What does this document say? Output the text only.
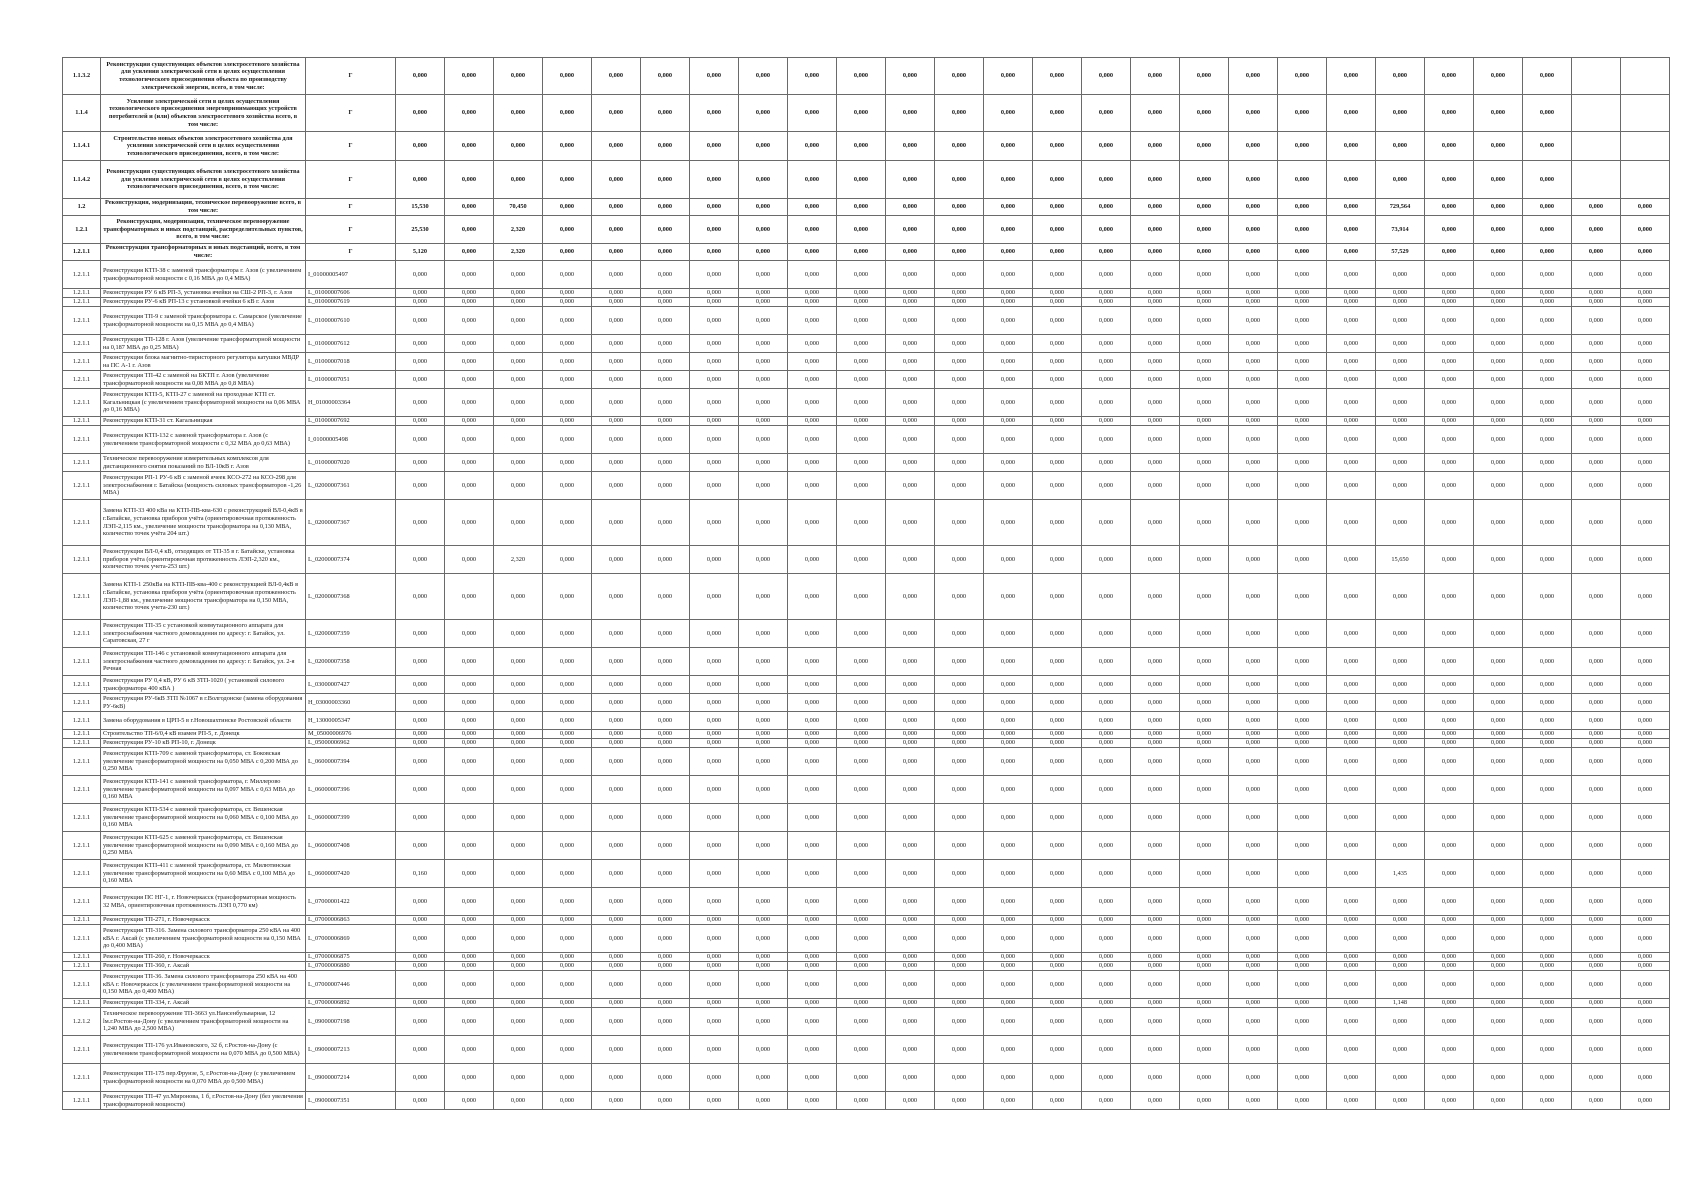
1.1.3.2	Реконструкция существующих объектов электросетевого хозяйства для усиления электрической сети в целях осуществления технологического присоединения объекта по производству электрической энергии, всего, в том числе:	Г	0,000	0,000	0,000	0,000	0,000	0,000	0,000	0,000	0,000	0,000	0,000	0,000	0,000	0,000	0,000	0,000	0,000	0,000	0,000	0,000	0,000	0,000	0,000	0,000		
1.1.4	Усиление электрической сети в целях осуществления технологического присоединения энергопринимающих устройств потребителей и (или) объектов электросетевого хозяйства всего, в том числе:	Г	0,000	0,000	0,000	0,000	0,000	0,000	0,000	0,000	0,000	0,000	0,000	0,000	0,000	0,000	0,000	0,000	0,000	0,000	0,000	0,000	0,000	0,000	0,000	0,000		
1.1.4.1	Строительство новых объектов электросетевого хозяйства для усиления электрической сети в целях осуществления технологического присоединения, всего, в том числе:	Г	0,000	0,000	0,000	0,000	0,000	0,000	0,000	0,000	0,000	0,000	0,000	0,000	0,000	0,000	0,000	0,000	0,000	0,000	0,000	0,000	0,000	0,000	0,000	0,000		
1.1.4.2	Реконструкция существующих объектов электросетевого хозяйства для усиления электрической сети в целях осуществления технологического присоединения, всего, в том числе:	Г	0,000	0,000	0,000	0,000	0,000	0,000	0,000	0,000	0,000	0,000	0,000	0,000	0,000	0,000	0,000	0,000	0,000	0,000	0,000	0,000	0,000	0,000	0,000	0,000		
1.2	Реконструкция, модернизация, техническое перевооружение всего, в том числе:	Г	15,530	0,000	70,450	0,000	0,000	0,000	0,000	0,000	0,000	0,000	0,000	0,000	0,000	0,000	0,000	0,000	0,000	0,000	0,000	0,000	729,564	0,000	0,000	0,000	0,000	0,000
1.2.1	Реконструкция, модернизация, техническое перевооружение трансформаторных и иных подстанций, распределительных пунктов, всего, в том числе:	Г	25,530	0,000	2,320	0,000	0,000	0,000	0,000	0,000	0,000	0,000	0,000	0,000	0,000	0,000	0,000	0,000	0,000	0,000	0,000	0,000	73,914	0,000	0,000	0,000	0,000	0,000
1.2.1.1	Реконструкция трансформаторных и иных подстанций, всего, в том числе:	Г	5,120	0,000	2,320	0,000	0,000	0,000	0,000	0,000	0,000	0,000	0,000	0,000	0,000	0,000	0,000	0,000	0,000	0,000	0,000	0,000	57,529	0,000	0,000	0,000	0,000	0,000
1.2.1.1	Реконструкция КТП-38 с заменой трансформатора г. Азов (с увеличением трансформаторной мощности с 0,16 МВА до 0,4 МВА)	I_01000005497	0,000	0,000	0,000	0,000	0,000	0,000	0,000	0,000	0,000	0,000	0,000	0,000	0,000	0,000	0,000	0,000	0,000	0,000	0,000	0,000	0,000	0,000	0,000	0,000	0,000	0,000
1.2.1.1	Реконструкция РУ 6 кВ РП-3, установка ячейки на СШ-2 РП-3, г. Азов	L_01000007606	0,000	0,000	0,000	0,000	0,000	0,000	0,000	0,000	0,000	0,000	0,000	0,000	0,000	0,000	0,000	0,000	0,000	0,000	0,000	0,000	0,000	0,000	0,000	0,000	0,000	0,000
1.2.1.1	Реконструкция РУ-6 кВ РП-13 с установкой ячейки 6 кВ г. Азов	L_01000007619	0,000	0,000	0,000	0,000	0,000	0,000	0,000	0,000	0,000	0,000	0,000	0,000	0,000	0,000	0,000	0,000	0,000	0,000	0,000	0,000	0,000	0,000	0,000	0,000	0,000	0,000
1.2.1.1	Реконструкция ТП-9 с заменой трансформатора с. Самарское (увеличение трансформаторной мощности на 0,15 МВА до 0,4 МВА)	L_01000007610	0,000	0,000	0,000	0,000	0,000	0,000	0,000	0,000	0,000	0,000	0,000	0,000	0,000	0,000	0,000	0,000	0,000	0,000	0,000	0,000	0,000	0,000	0,000	0,000	0,000	0,000
1.2.1.1	Реконструкция ТП-128 г. Азов (увеличение трансформаторной мощности на 0,187 МВА до 0,25 МВА)	L_01000007612	0,000	0,000	0,000	0,000	0,000	0,000	0,000	0,000	0,000	0,000	0,000	0,000	0,000	0,000	0,000	0,000	0,000	0,000	0,000	0,000	0,000	0,000	0,000	0,000	0,000	0,000
1.2.1.1	Реконструкция блока магнитно-тиристорного регулятора катушки МВДР на ПС А-1 г. Азов	L_01000007018	0,000	0,000	0,000	0,000	0,000	0,000	0,000	0,000	0,000	0,000	0,000	0,000	0,000	0,000	0,000	0,000	0,000	0,000	0,000	0,000	0,000	0,000	0,000	0,000	0,000	0,000
1.2.1.1	Реконструкция ТП-42 с заменой на БКТП г. Азов (увеличение трансформаторной мощности на 0,08 МВА до 0,8 МВА)	L_01000007051	0,000	0,000	0,000	0,000	0,000	0,000	0,000	0,000	0,000	0,000	0,000	0,000	0,000	0,000	0,000	0,000	0,000	0,000	0,000	0,000	0,000	0,000	0,000	0,000	0,000	0,000
1.2.1.1	Реконструкция КТП-5, КТП-27 с заменой на проходные КТП ст. Кагальницкая (с увеличением трансформаторной мощности на 0,06 МВА до 0,16 МВА)	H_01000003364	0,000	0,000	0,000	0,000	0,000	0,000	0,000	0,000	0,000	0,000	0,000	0,000	0,000	0,000	0,000	0,000	0,000	0,000	0,000	0,000	0,000	0,000	0,000	0,000	0,000	0,000
1.2.1.1	Реконструкция КТП-31 ст. Кагальницкая	L_01000007692	0,000	0,000	0,000	0,000	0,000	0,000	0,000	0,000	0,000	0,000	0,000	0,000	0,000	0,000	0,000	0,000	0,000	0,000	0,000	0,000	0,000	0,000	0,000	0,000	0,000	0,000
1.2.1.1	Реконструкция КТП-132 с заменой трансформатора г. Азов (с увеличением трансформаторной мощности с 0,32 МВА до 0,63 МВА)	I_01000005498	0,000	0,000	0,000	0,000	0,000	0,000	0,000	0,000	0,000	0,000	0,000	0,000	0,000	0,000	0,000	0,000	0,000	0,000	0,000	0,000	0,000	0,000	0,000	0,000	0,000	0,000
1.2.1.1	Техническое перевооружение измерительных комплексов для дистанционного снятия показаний по ВЛ-10кВ г. Азов	L_01000007020	0,000	0,000	0,000	0,000	0,000	0,000	0,000	0,000	0,000	0,000	0,000	0,000	0,000	0,000	0,000	0,000	0,000	0,000	0,000	0,000	0,000	0,000	0,000	0,000	0,000	0,000
1.2.1.1	Реконструкция РП-1 РУ-6 кВ с заменой ячеек КСО-272 на КСО-298 для электроснабжения г. Батайска (мощность силовых трансформаторов -1,26 МВА)	L_02000007361	0,000	0,000	0,000	0,000	0,000	0,000	0,000	0,000	0,000	0,000	0,000	0,000	0,000	0,000	0,000	0,000	0,000	0,000	0,000	0,000	0,000	0,000	0,000	0,000	0,000	0,000
1.2.1.1	Замена КТП-33 400 кВа на КТП-ПВ-ква-630 с реконструкцией ВЛ-0,4кВ в г.Батайске, установка приборов учёта (ориентировочная протяженность ЛЭП-2,115 км., увеличение мощности трансформатора на 0,130 МВА, количество точек учёта 204 шт.)	L_02000007367	0,000	0,000	0,000	0,000	0,000	0,000	0,000	0,000	0,000	0,000	0,000	0,000	0,000	0,000	0,000	0,000	0,000	0,000	0,000	0,000	0,000	0,000	0,000	0,000	0,000	0,000
1.2.1.1	Реконструкция ВЛ-0,4 кВ, отходящих от ТП-35 в г. Батайске, установка приборов учёта (ориентировочная протяженность ЛЭП-2,320 км., количество точек учета-253 шт.)	L_02000007374	0,000	0,000	2,320	0,000	0,000	0,000	0,000	0,000	0,000	0,000	0,000	0,000	0,000	0,000	0,000	0,000	0,000	0,000	0,000	0,000	15,650	0,000	0,000	0,000	0,000	0,000
1.2.1.1	Замена КТП-1 250кВа на КТП-ПВ-ква-400 с реконструкцией ВЛ-0,4кВ в г.Батайске, установка приборов учёта (ориентировочная протяженность ЛЭП-1,88 км., увеличение мощности трансформатора на 0,150 МВА, количество точек учета-230 шт.)	L_02000007368	0,000	0,000	0,000	0,000	0,000	0,000	0,000	0,000	0,000	0,000	0,000	0,000	0,000	0,000	0,000	0,000	0,000	0,000	0,000	0,000	0,000	0,000	0,000	0,000	0,000	0,000
1.2.1.1	Реконструкция ТП-35 с установкой коммутационного аппарата для электроснабжения частного домовладения по адресу: г. Батайск, ул. Саратовская, 27 г	L_02000007359	0,000	0,000	0,000	0,000	0,000	0,000	0,000	0,000	0,000	0,000	0,000	0,000	0,000	0,000	0,000	0,000	0,000	0,000	0,000	0,000	0,000	0,000	0,000	0,000	0,000	0,000
1.2.1.1	Реконструкция ТП-146 с установкой коммутационного аппарата для электроснабжения частного домовладения по адресу: г. Батайск, ул. 2-я Речная	L_02000007358	0,000	0,000	0,000	0,000	0,000	0,000	0,000	0,000	0,000	0,000	0,000	0,000	0,000	0,000	0,000	0,000	0,000	0,000	0,000	0,000	0,000	0,000	0,000	0,000	0,000	0,000
1.2.1.1	Реконструкция РУ 0,4 кВ, РУ 6 кВ ЗТП-1020 ( установкой силового трансформатора 400 кВА )	L_03000007427	0,000	0,000	0,000	0,000	0,000	0,000	0,000	0,000	0,000	0,000	0,000	0,000	0,000	0,000	0,000	0,000	0,000	0,000	0,000	0,000	0,000	0,000	0,000	0,000	0,000	0,000
1.2.1.1	Реконструкция РУ-6кВ ЗТП №1067 в г.Волгодонске (замена оборудования РУ-6кВ)	H_03000003360	0,000	0,000	0,000	0,000	0,000	0,000	0,000	0,000	0,000	0,000	0,000	0,000	0,000	0,000	0,000	0,000	0,000	0,000	0,000	0,000	0,000	0,000	0,000	0,000	0,000	0,000
1.2.1.1	Замена оборудования в ЦРП-5 в г.Новошахтинске Ростовской области	H_13000005347	0,000	0,000	0,000	0,000	0,000	0,000	0,000	0,000	0,000	0,000	0,000	0,000	0,000	0,000	0,000	0,000	0,000	0,000	0,000	0,000	0,000	0,000	0,000	0,000	0,000	0,000
1.2.1.1	Строительство ТП-6/0,4 кВ взамен РП-5, г. Донецк	M_05000006976	0,000	0,000	0,000	0,000	0,000	0,000	0,000	0,000	0,000	0,000	0,000	0,000	0,000	0,000	0,000	0,000	0,000	0,000	0,000	0,000	0,000	0,000	0,000	0,000	0,000	0,000
1.2.1.1	Реконструкция РУ-10 кВ РП-10, г. Донецк	L_05000006962	0,000	0,000	0,000	0,000	0,000	0,000	0,000	0,000	0,000	0,000	0,000	0,000	0,000	0,000	0,000	0,000	0,000	0,000	0,000	0,000	0,000	0,000	0,000	0,000	0,000	0,000
1.2.1.1	Реконструкция КТП-709 с заменой трансформатора, ст. Боковская увеличение трансформаторной мощности на 0,050 МВА с 0,200 МВА до 0,250 МВА	L_06000007394	0,000	0,000	0,000	0,000	0,000	0,000	0,000	0,000	0,000	0,000	0,000	0,000	0,000	0,000	0,000	0,000	0,000	0,000	0,000	0,000	0,000	0,000	0,000	0,000	0,000	0,000
1.2.1.1	Реконструкция КТП-141 с заменой трансформатора, г. Миллерово увеличение трансформаторной мощности на 0,097 МВА с 0,63 МВА до 0,160 МВА	L_06000007396	0,000	0,000	0,000	0,000	0,000	0,000	0,000	0,000	0,000	0,000	0,000	0,000	0,000	0,000	0,000	0,000	0,000	0,000	0,000	0,000	0,000	0,000	0,000	0,000	0,000	0,000
1.2.1.1	Реконструкция КТП-534 с заменой трансформатора, ст. Вешенская увеличение трансформаторной мощности на 0,060 МВА с 0,100 МВА до 0,160 МВА	L_06000007399	0,000	0,000	0,000	0,000	0,000	0,000	0,000	0,000	0,000	0,000	0,000	0,000	0,000	0,000	0,000	0,000	0,000	0,000	0,000	0,000	0,000	0,000	0,000	0,000	0,000	0,000
1.2.1.1	Реконструкция КТП-625 с заменой трансформатора, ст. Вешенская увеличение трансформаторной мощности на 0,090 МВА с 0,160 МВА до 0,250 МВА	L_06000007408	0,000	0,000	0,000	0,000	0,000	0,000	0,000	0,000	0,000	0,000	0,000	0,000	0,000	0,000	0,000	0,000	0,000	0,000	0,000	0,000	0,000	0,000	0,000	0,000	0,000	0,000
1.2.1.1	Реконструкция КТП-411 с заменой трансформатора, ст. Милютинская увеличение трансформаторной мощности на 0,60 МВА с 0,100 МВА до 0,160 МВА	L_06000007420	0,160	0,000	0,000	0,000	0,000	0,000	0,000	0,000	0,000	0,000	0,000	0,000	0,000	0,000	0,000	0,000	0,000	0,000	0,000	0,000	1,435	0,000	0,000	0,000	0,000	0,000
1.2.1.1	Реконструкция ПС НГ-1, г. Новочеркасск (трансформаторная мощность 32 МВА, ориентировочная протяженность ЛЭП 0,770 км)	L_07000001422	0,000	0,000	0,000	0,000	0,000	0,000	0,000	0,000	0,000	0,000	0,000	0,000	0,000	0,000	0,000	0,000	0,000	0,000	0,000	0,000	0,000	0,000	0,000	0,000	0,000	0,000
1.2.1.1	Реконструкция ТП-271, г. Новочеркасск	L_07000006863	0,000	0,000	0,000	0,000	0,000	0,000	0,000	0,000	0,000	0,000	0,000	0,000	0,000	0,000	0,000	0,000	0,000	0,000	0,000	0,000	0,000	0,000	0,000	0,000	0,000	0,000
1.2.1.1	Реконструкция ТП-316. Замена силового трансформатора 250 кВА на 400 кВА г. Аксай (с увеличением трансформаторной мощности на 0,150 МВА до 0,400 МВА)	L_07000006869	0,000	0,000	0,000	0,000	0,000	0,000	0,000	0,000	0,000	0,000	0,000	0,000	0,000	0,000	0,000	0,000	0,000	0,000	0,000	0,000	0,000	0,000	0,000	0,000	0,000	0,000
1.2.1.1	Реконструкция ТП-260, г. Новочеркасск	L_07000006875	0,000	0,000	0,000	0,000	0,000	0,000	0,000	0,000	0,000	0,000	0,000	0,000	0,000	0,000	0,000	0,000	0,000	0,000	0,000	0,000	0,000	0,000	0,000	0,000	0,000	0,000
1.2.1.1	Реконструкция ТП-360, г. Аксай	L_07000006880	0,000	0,000	0,000	0,000	0,000	0,000	0,000	0,000	0,000	0,000	0,000	0,000	0,000	0,000	0,000	0,000	0,000	0,000	0,000	0,000	0,000	0,000	0,000	0,000	0,000	0,000
1.2.1.1	Реконструкция ТП-36. Замена силового трансформатора 250 кВА на 400 кВА г. Новочеркасск (с увеличением трансформаторной мощности на 0,150 МВА до 0,400 МВА)	L_07000007446	0,000	0,000	0,000	0,000	0,000	0,000	0,000	0,000	0,000	0,000	0,000	0,000	0,000	0,000	0,000	0,000	0,000	0,000	0,000	0,000	0,000	0,000	0,000	0,000	0,000	0,000
1.2.1.1	Реконструкция ТП-334, г. Аксай	L_07000006892	0,000	0,000	0,000	0,000	0,000	0,000	0,000	0,000	0,000	0,000	0,000	0,000	0,000	0,000	0,000	0,000	0,000	0,000	0,000	0,000	1,148	0,000	0,000	0,000	0,000	0,000
1.2.1.2	Техническое перевооружение ТП-3663 ул.Нансенбульварная, 12 lм.г.Ростов-на-Дону (с увеличением трансформаторной мощности на 1,240 МВА до 2,500 МВА)	L_09000007198	0,000	0,000	0,000	0,000	0,000	0,000	0,000	0,000	0,000	0,000	0,000	0,000	0,000	0,000	0,000	0,000	0,000	0,000	0,000	0,000	0,000	0,000	0,000	0,000	0,000	0,000
1.2.1.1	Реконструкция ТП-176 ул.Ивановского, 32 б, г.Ростов-на-Дону (с увеличением трансформаторной мощности на 0,070 МВА до 0,500 МВА)	L_09000007213	0,000	0,000	0,000	0,000	0,000	0,000	0,000	0,000	0,000	0,000	0,000	0,000	0,000	0,000	0,000	0,000	0,000	0,000	0,000	0,000	0,000	0,000	0,000	0,000	0,000	0,000
1.2.1.1	Реконструкция ТП-175 пер.Фрунзе, 5, г.Ростов-на-Дону (с увеличением трансформаторной мощности на 0,070 МВА до 0,500 МВА)	L_09000007214	0,000	0,000	0,000	0,000	0,000	0,000	0,000	0,000	0,000	0,000	0,000	0,000	0,000	0,000	0,000	0,000	0,000	0,000	0,000	0,000	0,000	0,000	0,000	0,000	0,000	0,000
1.2.1.1	Реконструкция ТП-47 ул.Миронова, 1 б, г.Ростов-на-Дону (без увеличения трансформаторной мощности)	L_09000007351	0,000	0,000	0,000	0,000	0,000	0,000	0,000	0,000	0,000	0,000	0,000	0,000	0,000	0,000	0,000	0,000	0,000	0,000	0,000	0,000	0,000	0,000	0,000	0,000	0,000	0,000
